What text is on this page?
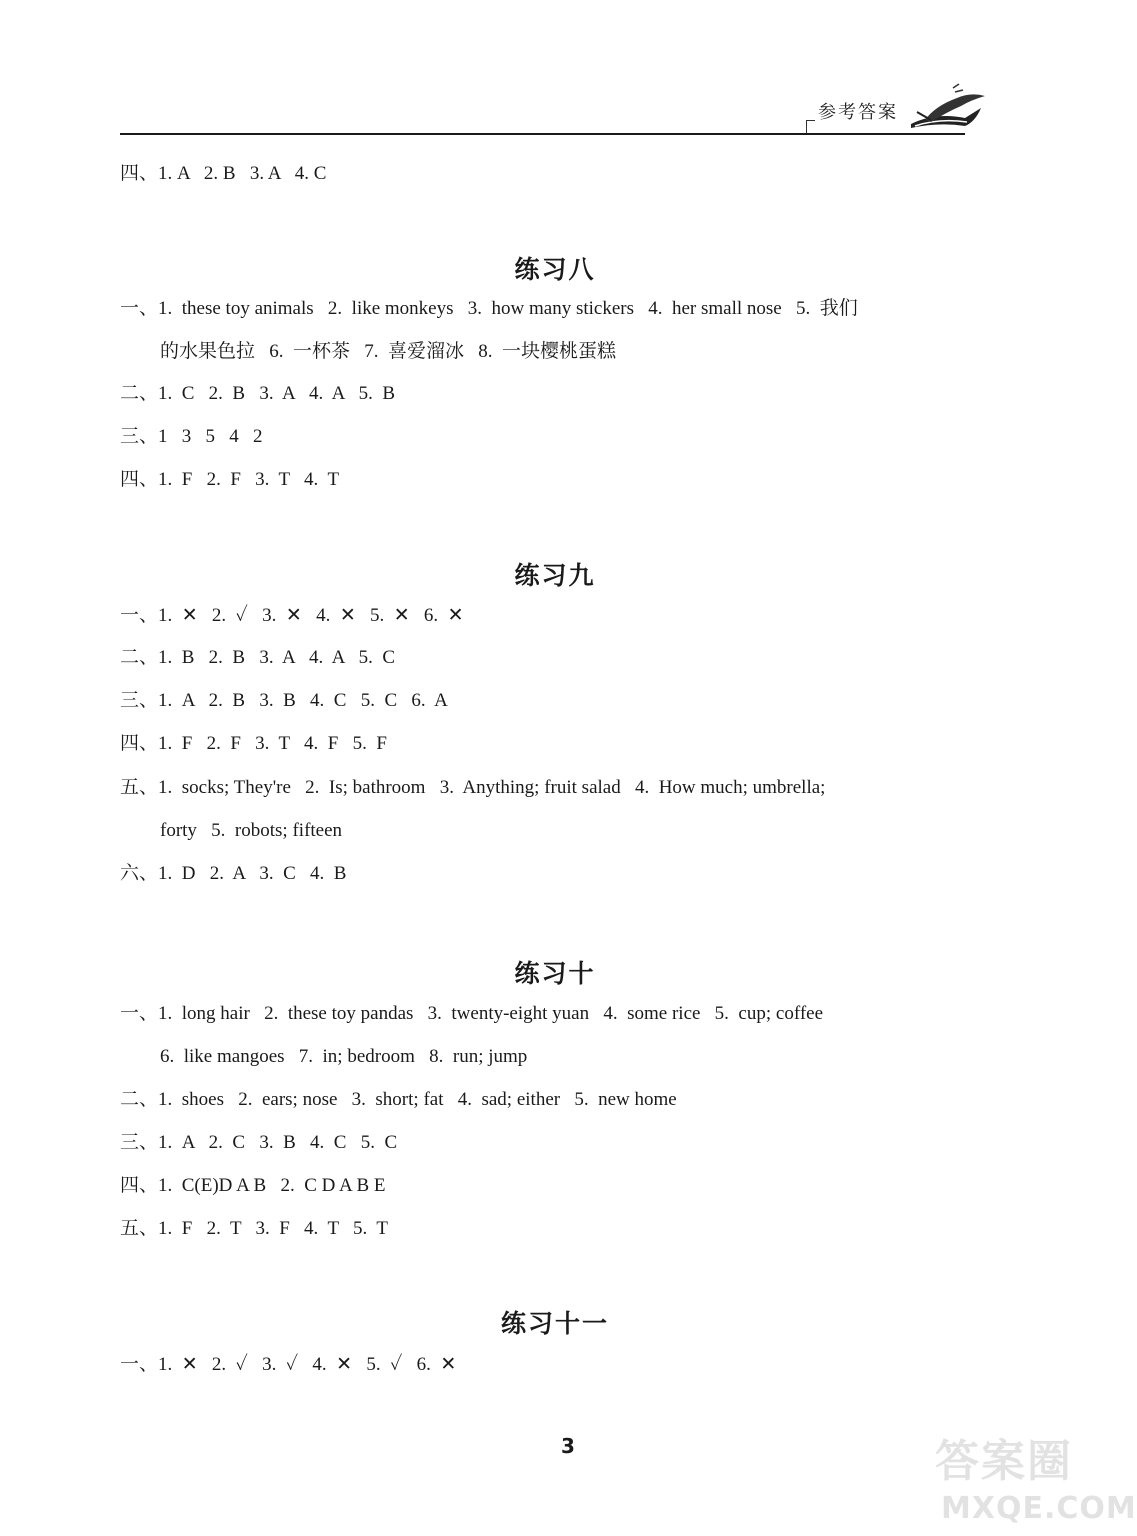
参考答案
四、1. A   2. B   3. A   4. C
练习八
一、1.  these toy animals   2.  like monkeys   3.  how many stickers   4.  her small nose   5.  我们
的水果色拉   6.  一杯茶   7.  喜爱溜冰   8.  一块樱桃蛋糕
二、1.  C   2.  B   3.  A   4.  A   5.  B
三、1   3   5   4   2
四、1.  F   2.  F   3.  T   4.  T
练习九
一、1.  ✕   2.  ✓   3.  ✕   4.  ✕   5.  ✕   6.  ✕
二、1.  B   2.  B   3.  A   4.  A   5.  C
三、1.  A   2.  B   3.  B   4.  C   5.  C   6.  A
四、1.  F   2.  F   3.  T   4.  F   5.  F
五、1.  socks; They're   2.  Is; bathroom   3.  Anything; fruit salad   4.  How much; umbrella;
forty   5.  robots; fifteen
六、1.  D   2.  A   3.  C   4.  B
练习十
一、1.  long hair   2.  these toy pandas   3.  twenty-eight yuan   4.  some rice   5.  cup; coffee
6.  like mangoes   7.  in; bedroom   8.  run; jump
二、1.  shoes   2.  ears; nose   3.  short; fat   4.  sad; either   5.  new home
三、1.  A   2.  C   3.  B   4.  C   5.  C
四、1.  C(E)D A B   2.  C D A B E
五、1.  F   2.  T   3.  F   4.  T   5.  T
练习十一
一、1.  ✕   2.  ✓   3.  ✓   4.  ✕   5.  ✓   6.  ✕
3	答案圈
MXQE.COM
